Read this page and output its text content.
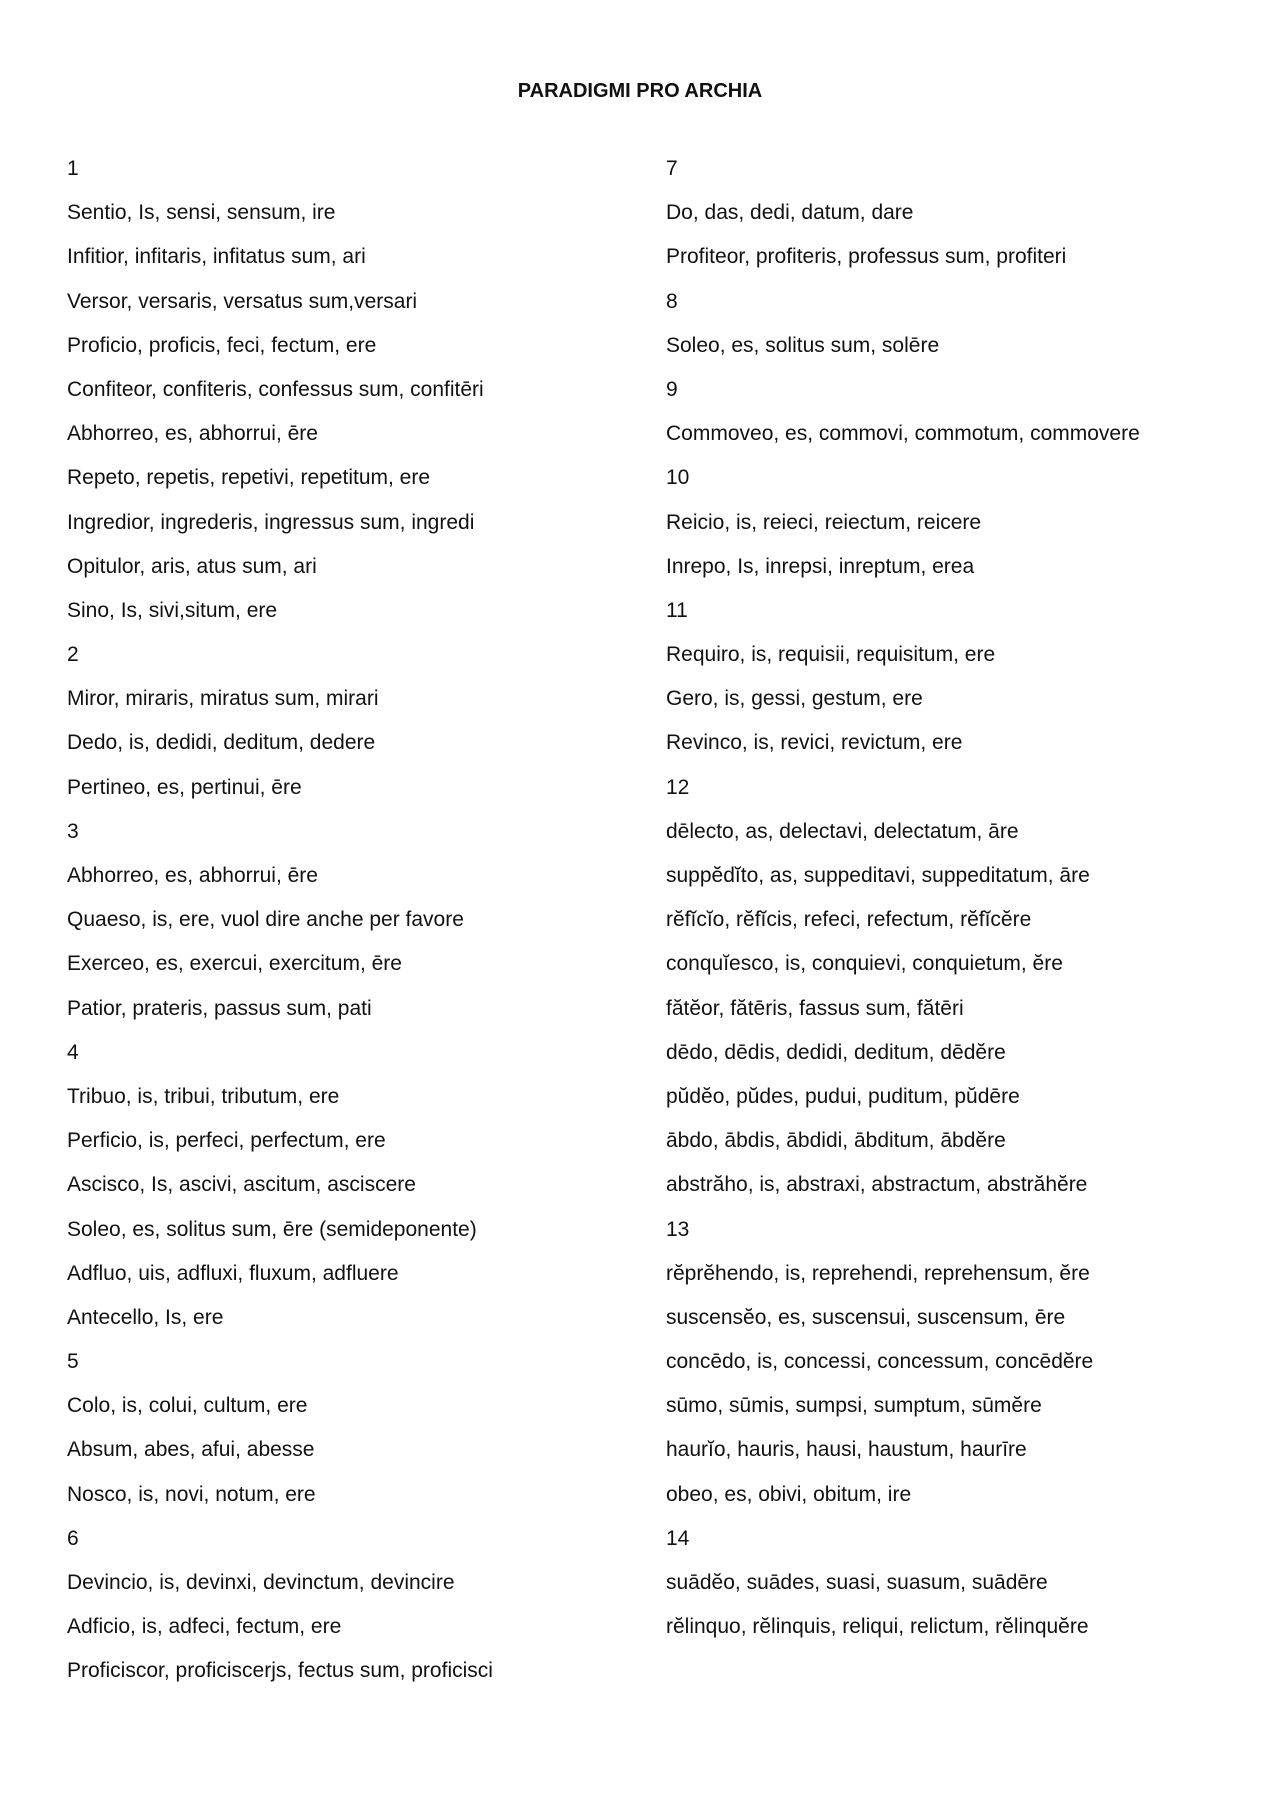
PARADIGMI PRO ARCHIA
1
Sentio, Is, sensi, sensum, ire
Infitior, infitaris, infitatus sum, ari
Versor, versaris, versatus sum,versari
Proficio, proficis, feci, fectum, ere
Confiteor, confiteris, confessus sum, confitēri
Abhorreo, es, abhorrui, ēre
Repeto, repetis, repetivi, repetitum, ere
Ingredior, ingrederis, ingressus sum, ingredi
Opitulor, aris, atus sum, ari
Sino, Is, sivi,situm, ere
2
Miror, miraris, miratus sum, mirari
Dedo, is, dedidi, deditum, dedere
Pertineo, es, pertinui, ēre
3
Abhorreo, es, abhorrui, ēre
Quaeso, is, ere, vuol dire anche per favore
Exerceo, es, exercui, exercitum, ēre
Patior, prateris, passus sum, pati
4
Tribuo, is, tribui, tributum, ere
Perficio, is, perfeci, perfectum, ere
Ascisco, Is, ascivi, ascitum, asciscere
Soleo, es, solitus sum, ēre (semideponente)
Adfluo, uis, adfluxi, fluxum, adfluere
Antecello, Is, ere
5
Colo, is, colui, cultum, ere
Absum, abes, afui, abesse
Nosco, is, novi, notum, ere
6
Devincio, is, devinxi, devinctum, devincire
Adficio, is, adfeci, fectum, ere
Proficiscor, proficiscerjs, fectus sum, proficisci
7
Do, das, dedi, datum, dare
Profiteor, profiteris, professus sum, profiteri
8
Soleo, es, solitus sum, solēre
9
Commoveo, es, commovi, commotum, commovere
10
Reicio, is, reieci, reiectum, reicere
Inrepo, Is, inrepsi, inreptum, erea
11
Requiro, is, requisii, requisitum, ere
Gero, is, gessi, gestum, ere
Revinco, is, revici, revictum, ere
12
dēlecto, as, delectavi, delectatum, āre
suppĕdĭto, as, suppeditavi, suppeditatum, āre
rĕfĭcĭo, rĕfĭcis, refeci, refectum, rĕfĭcĕre
conquĭesco, is, conquievi, conquietum, ĕre
fătĕor, fătēris, fassus sum, fătēri
dēdo, dēdis, dedidi, deditum, dēdĕre
pŭdĕo, pŭdes, pudui, puditum, pŭdēre
ābdo, ābdis, ābdidi, ābditum, ābdĕre
abstrăho, is, abstraxi, abstractum, abstrăhĕre
13
rĕprĕhendo, is, reprehendi, reprehensum, ĕre
suscensĕo, es, suscensui, suscensum, ēre
concēdo, is, concessi, concessum, concēdĕre
sūmo, sūmis, sumpsi, sumptum, sūmĕre
haurĭo, hauris, hausi, haustum, haurīre
obeo, es, obivi, obitum, ire
14
suādĕo, suādes, suasi, suasum, suādēre
rĕlinquo, rĕlinquis, reliqui, relictum, rĕlinquĕre
